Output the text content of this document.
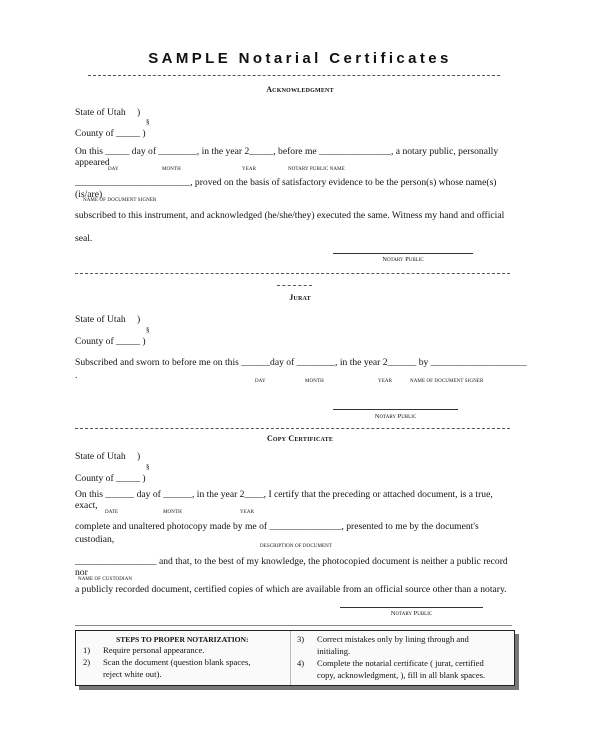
SAMPLE Notarial Certificates
Acknowledgment
State of Utah )
§
County of _____ )
On this _____ day of ________, in the year 2_____, before me _______________, a notary public, personally
appeared
DAY	MONTH	YEAR	NOTARY PUBLIC NAME
________________________, proved on the basis of satisfactory evidence to be the person(s) whose name(s)
(is/are)
NAME OF DOCUMENT SIGNER
subscribed to this instrument, and acknowledged (he/she/they) executed the same. Witness my hand and official
seal.
Notary Public
Jurat
State of Utah )
§
County of _____ )
Subscribed and sworn to before me on this ______day of ________, in the year 2______ by ____________________
.
DAY	MONTH	YEAR	NAME OF DOCUMENT SIGNER
Notary Public
Copy Certificate
State of Utah )
§
County of _____ )
On this ______ day of ______, in the year 2____, I certify that the preceding or attached document, is a true,
exact,
DATE	MONTH	YEAR
complete and unaltered photocopy made by me of _______________, presented to me by the document's
custodian,
DESCRIPTION OF DOCUMENT
_________________ and that, to the best of my knowledge, the photocopied document is neither a public record
nor
NAME OF CUSTODIAN
a publicly recorded document, certified copies of which are available from an official source other than a notary.
Notary Public
STEPS TO PROPER NOTARIZATION:
1) Require personal appearance.
2) Scan the document (question blank spaces,
reject white out).
3) Correct mistakes only by lining through and
initialing.
4) Complete the notarial certificate ( jurat, certified
copy, acknowledgment, ), fill in all blank spaces.
